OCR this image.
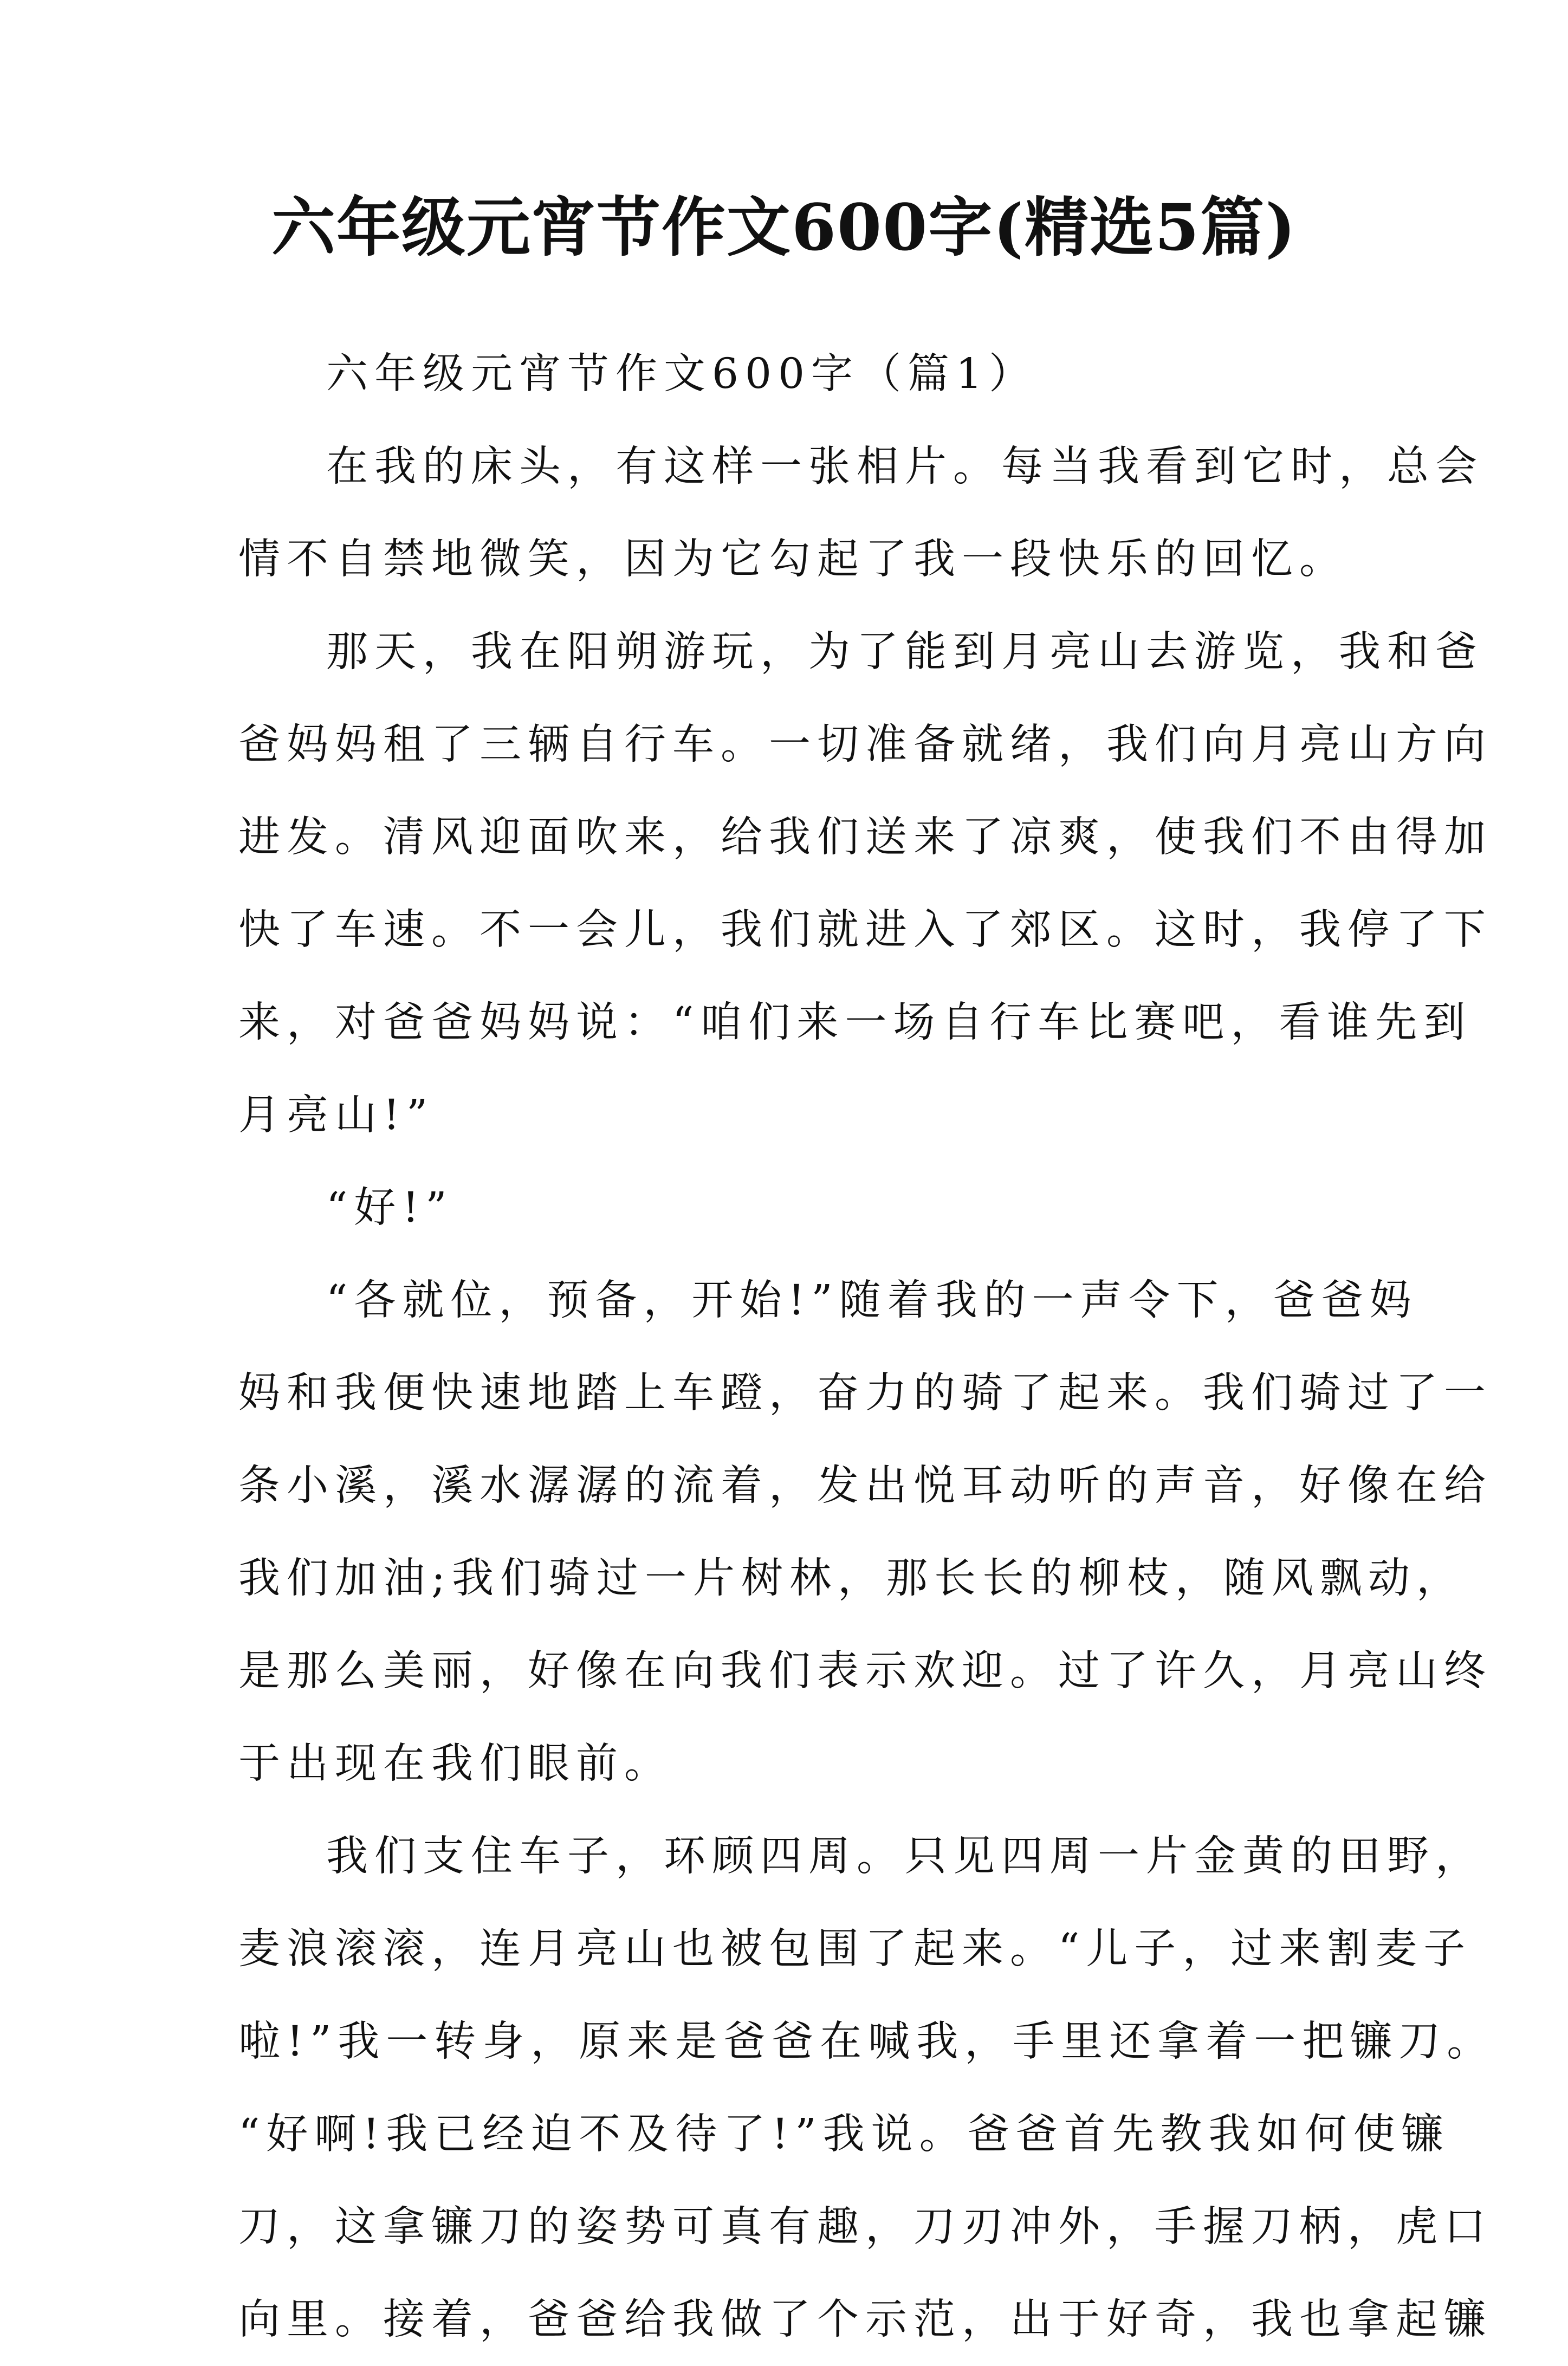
六年级元宵节作文600字(精选5篇)
六年级元宵节作文600字（篇1）
在我的床头，有这样一张相片。每当我看到它时，总会
情不自禁地微笑，因为它勾起了我一段快乐的回忆。
那天，我在阳朔游玩，为了能到月亮山去游览，我和爸
爸妈妈租了三辆自行车。一切准备就绪，我们向月亮山方向
进发。清风迎面吹来，给我们送来了凉爽，使我们不由得加
快了车速。不一会儿，我们就进入了郊区。这时，我停了下
来，对爸爸妈妈说：“咱们来一场自行车比赛吧，看谁先到
月亮山!”
“好!”
“各就位，预备，开始!”随着我的一声令下，爸爸妈
妈和我便快速地踏上车蹬，奋力的骑了起来。我们骑过了一
条小溪，溪水潺潺的流着，发出悦耳动听的声音，好像在给
我们加油;我们骑过一片树林，那长长的柳枝，随风飘动，
是那么美丽，好像在向我们表示欢迎。过了许久，月亮山终
于出现在我们眼前。
我们支住车子，环顾四周。只见四周一片金黄的田野，
麦浪滚滚，连月亮山也被包围了起来。“儿子，过来割麦子
啦!”我一转身，原来是爸爸在喊我，手里还拿着一把镰刀。
“好啊!我已经迫不及待了!”我说。爸爸首先教我如何使镰
刀，这拿镰刀的姿势可真有趣，刀刃冲外，手握刀柄，虎口
向里。接着，爸爸给我做了个示范，出于好奇，我也拿起镰
